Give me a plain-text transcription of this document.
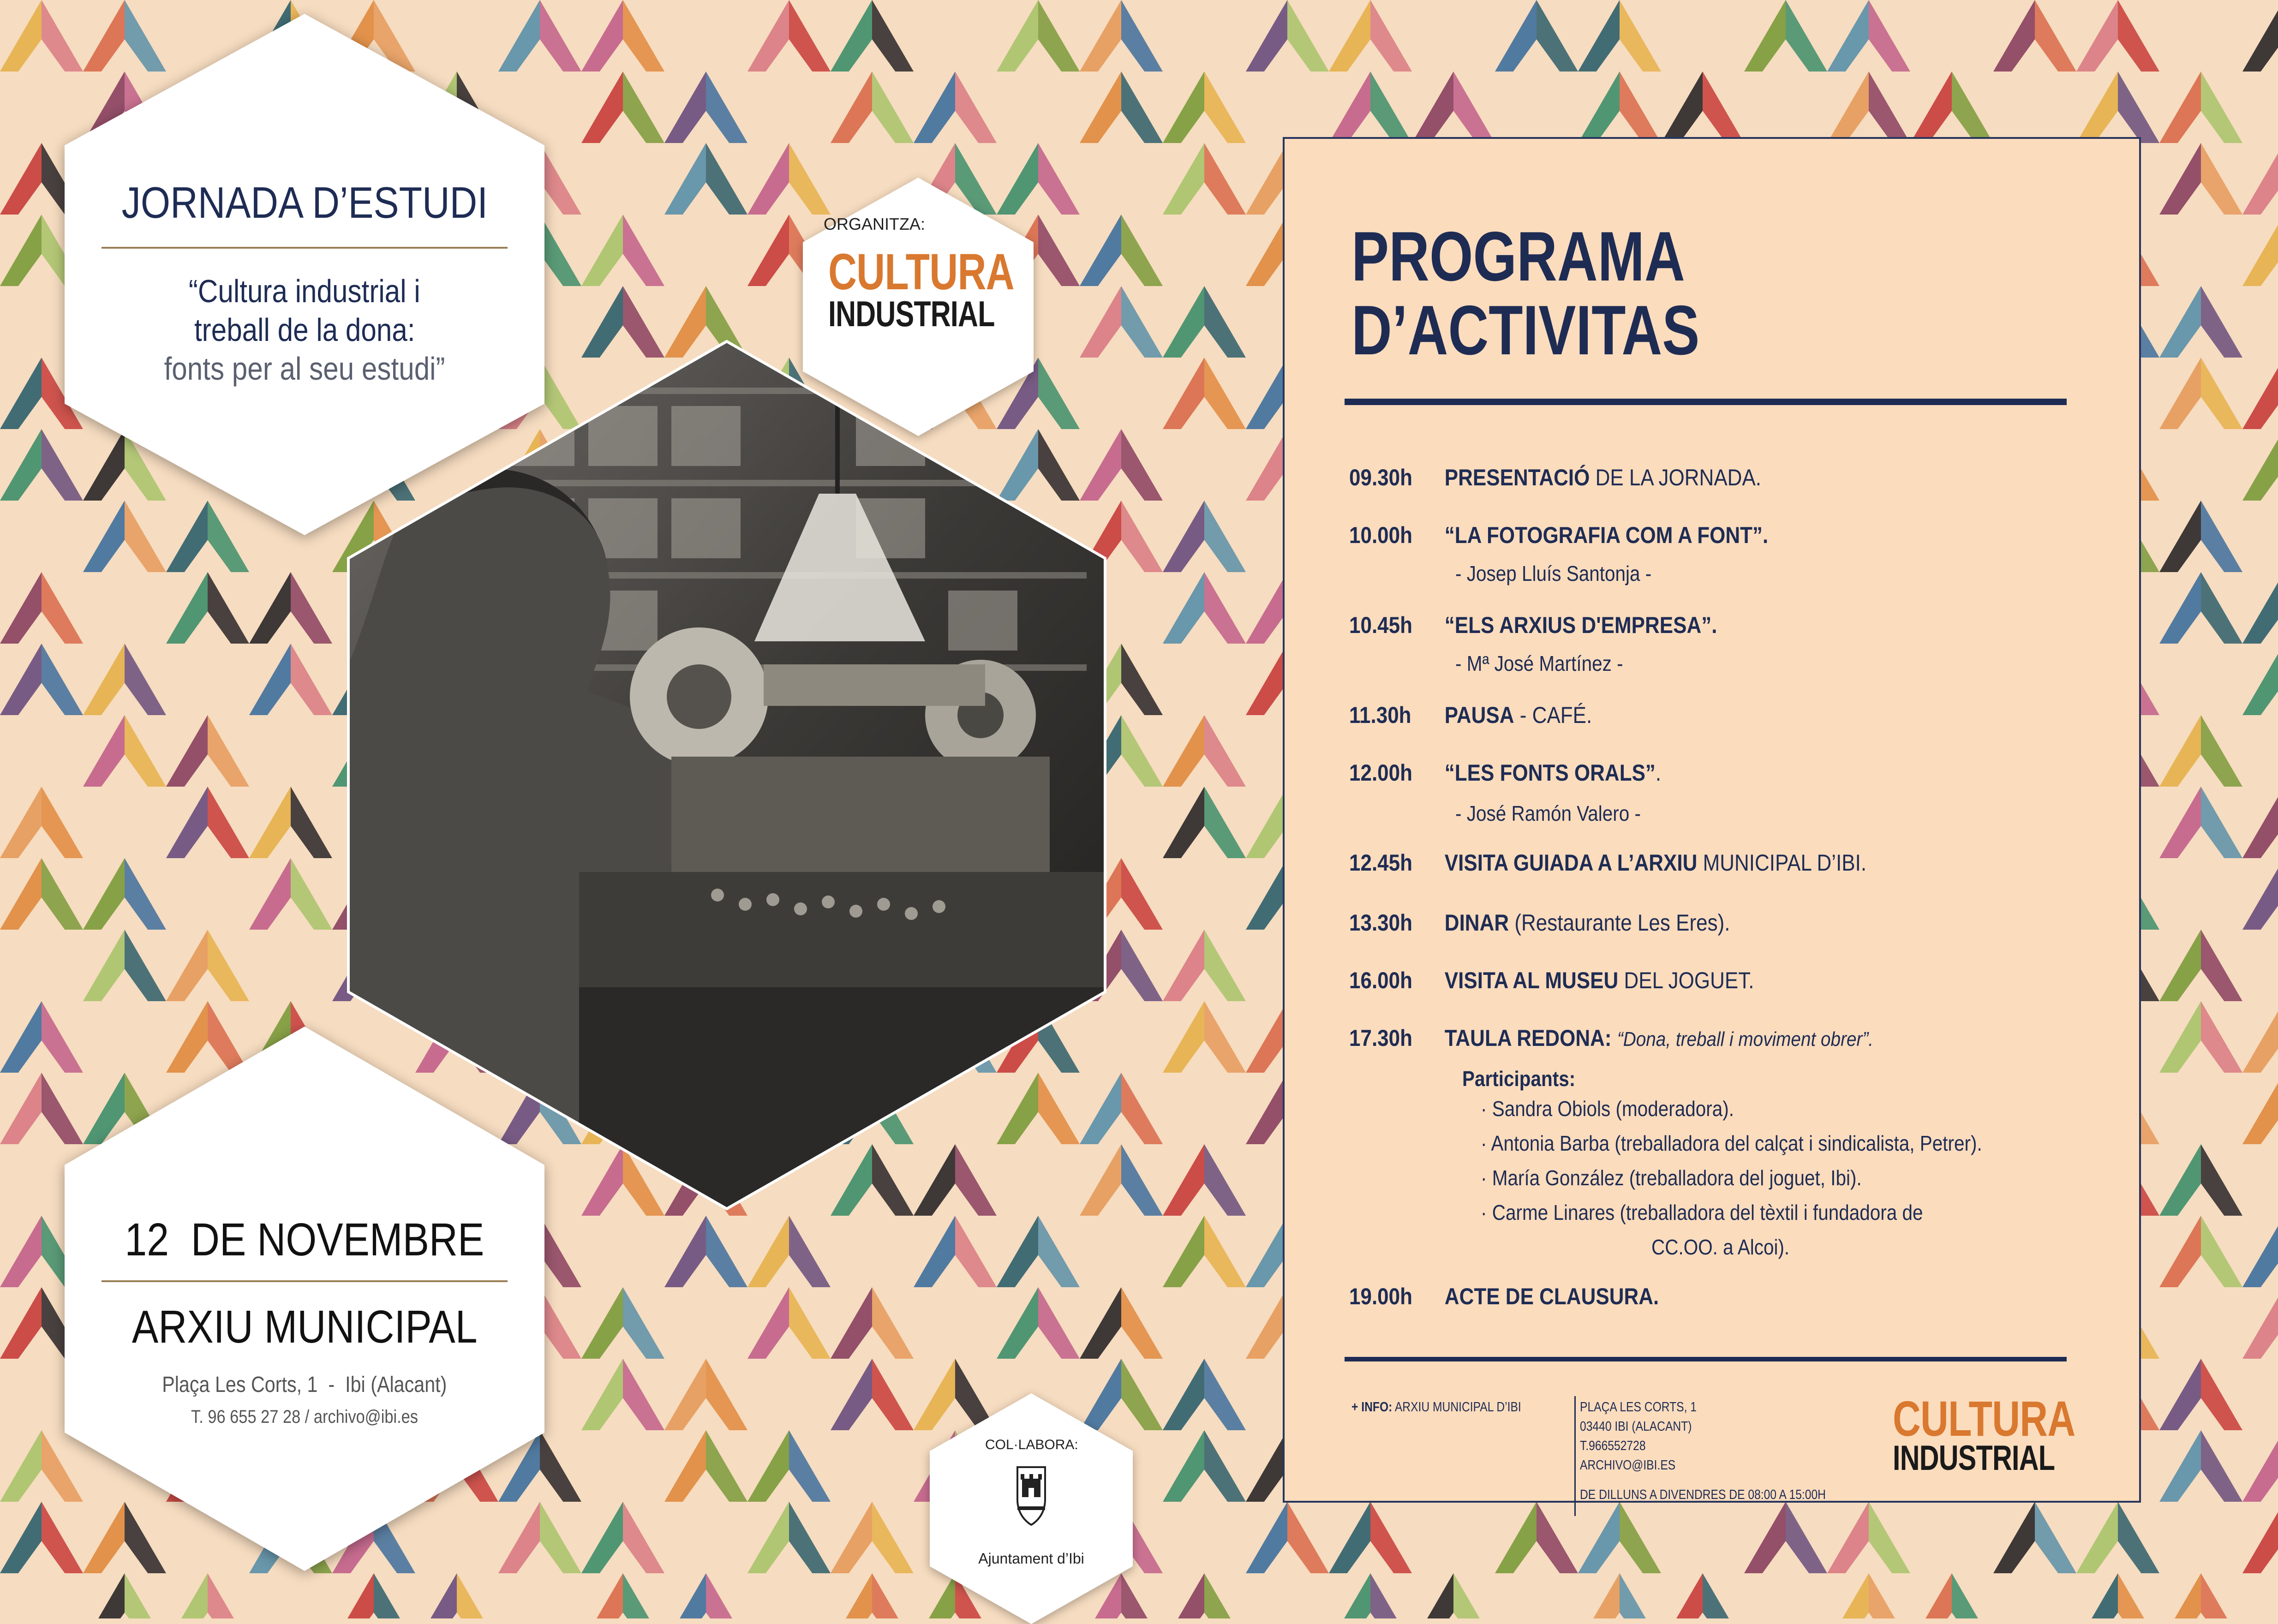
JORNADA D’ESTUDI
“Cultura industrial i
treball de la dona:
fonts per al seu estudi”
ORGANITZA:
CULTURA
INDUSTRIAL
12  DE NOVEMBRE
ARXIU MUNICIPAL
Plaça Les Corts, 1  -  Ibi (Alacant)
T. 96 655 27 28 / archivo@ibi.es
COL·LABORA:
Ajuntament d’Ibi
PROGRAMA
D’ACTIVITAS
09.30h PRESENTACIÓ DE LA JORNADA.
10.00h “LA FOTOGRAFIA COM A FONT”.
- Josep Lluís Santonja -
10.45h “ELS ARXIUS D'EMPRESA”.
- Mª José Martínez -
11.30h PAUSA - CAFÉ.
12.00h “LES FONTS ORALS”.
- José Ramón Valero -
12.45h VISITA GUIADA A L’ARXIU MUNICIPAL D’IBI.
13.30h DINAR (Restaurante Les Eres).
16.00h VISITA AL MUSEU DEL JOGUET.
17.30h TAULA REDONA: “Dona, treball i moviment obrer”.
19.00h ACTE DE CLAUSURA.
Participants:
· Sandra Obiols (moderadora).
· Antonia Barba (treballadora del calçat i sindicalista, Petrer).
· María González (treballadora del joguet, Ibi).
· Carme Linares (treballadora del tèxtil i fundadora de
CC.OO. a Alcoi).
+ INFO: ARXIU MUNICIPAL D’IBI	PLAÇA LES CORTS, 1
03440 IBI (ALACANT)
T.966552728
ARCHIVO@IBI.ES
DE DILLUNS A DIVENDRES DE 08:00 A 15:00H
CULTURA
INDUSTRIAL
